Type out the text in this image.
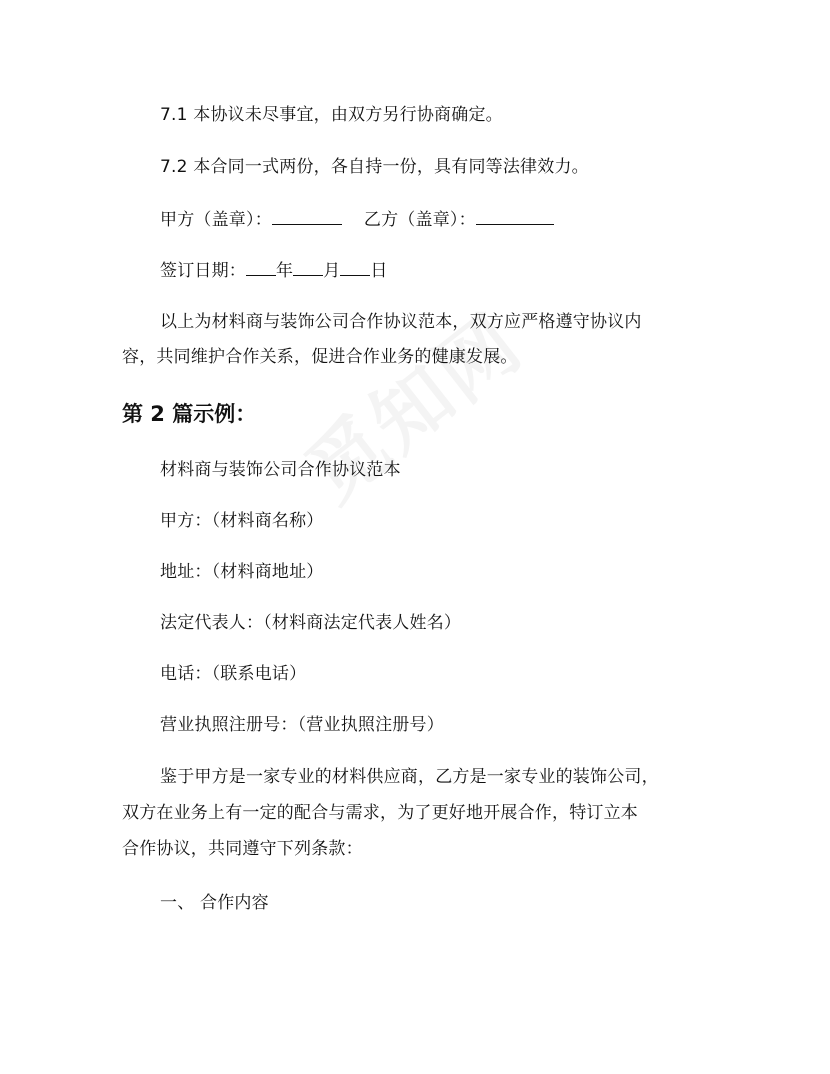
7.1 本协议未尽事宜，由双方另行协商确定。
7.2 本合同一式两份，各自持一份，具有同等法律效力。
甲方（盖章）：	乙方（盖章）：
签订日期： 年 月 日
以上为材料商与装饰公司合作协议范本，双方应严格遵守协议内
容，共同维护合作关系，促进合作业务的健康发展。
第 2 篇示例：
材料商与装饰公司合作协议范本
甲方：（材料商名称）
地址：（材料商地址）
法定代表人：（材料商法定代表人姓名）
电话：（联系电话）
营业执照注册号：（营业执照注册号）
鉴于甲方是一家专业的材料供应商，乙方是一家专业的装饰公司，
双方在业务上有一定的配合与需求，为了更好地开展合作，特订立本
合作协议，共同遵守下列条款：
一、 合作内容
